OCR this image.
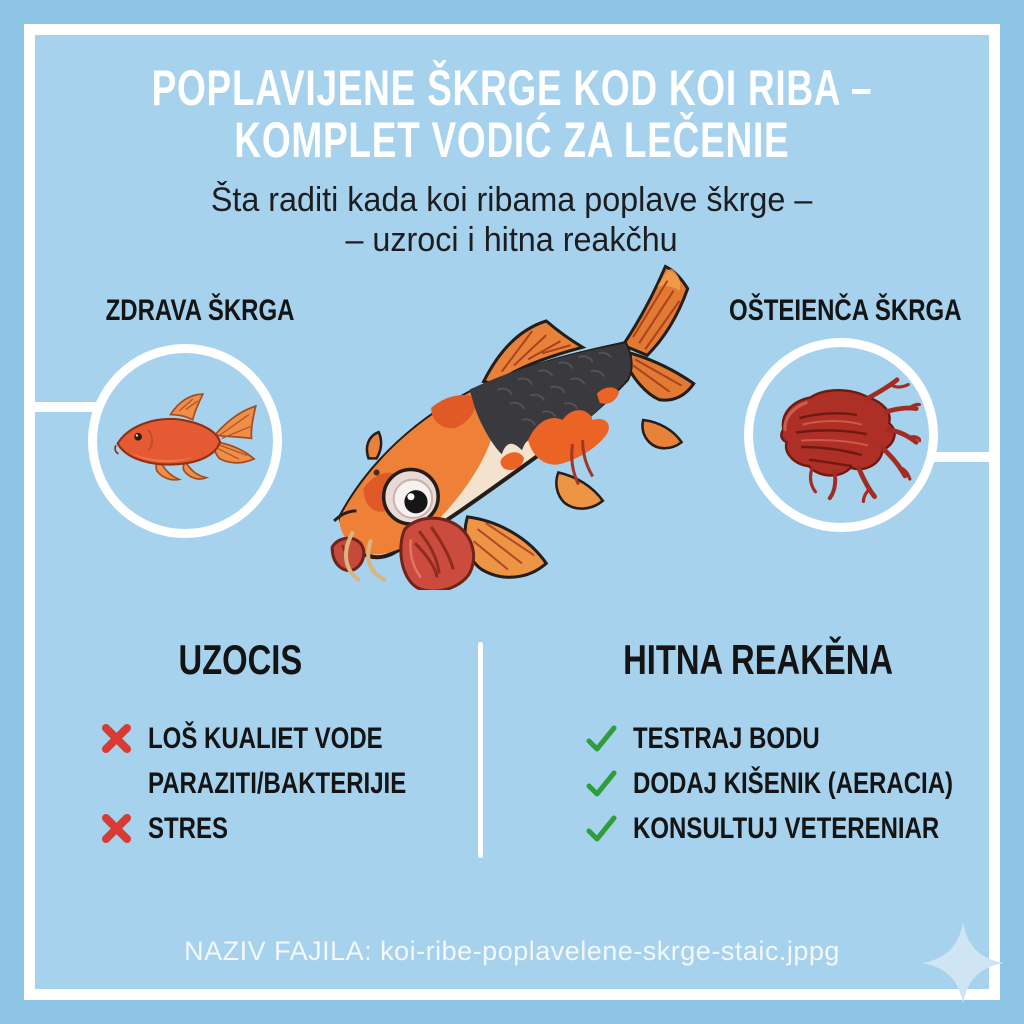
POPLAVIJENE ŠKRGE KOD KOI RIBA –
KOMPLET VODIĆ ZA LEČENIE
Šta raditi kada koi ribama poplave škrge –
– uzroci i hitna reakčhu
ZDRAVA ŠKRGA	OŠTEIENČA ŠKRGA
UZOCIS
LOŠ KUALIET VODE
PARAZITI/BAKTERIJIE
STRES
HITNA REAKĚNA
TESTRAJ BODU
DODAJ KIŠENIK (AERACIA)
KONSULTUJ VETERENIAR
NAZIV FAJILA: koi-ribe-poplavelene-skrge-staic.jppg
